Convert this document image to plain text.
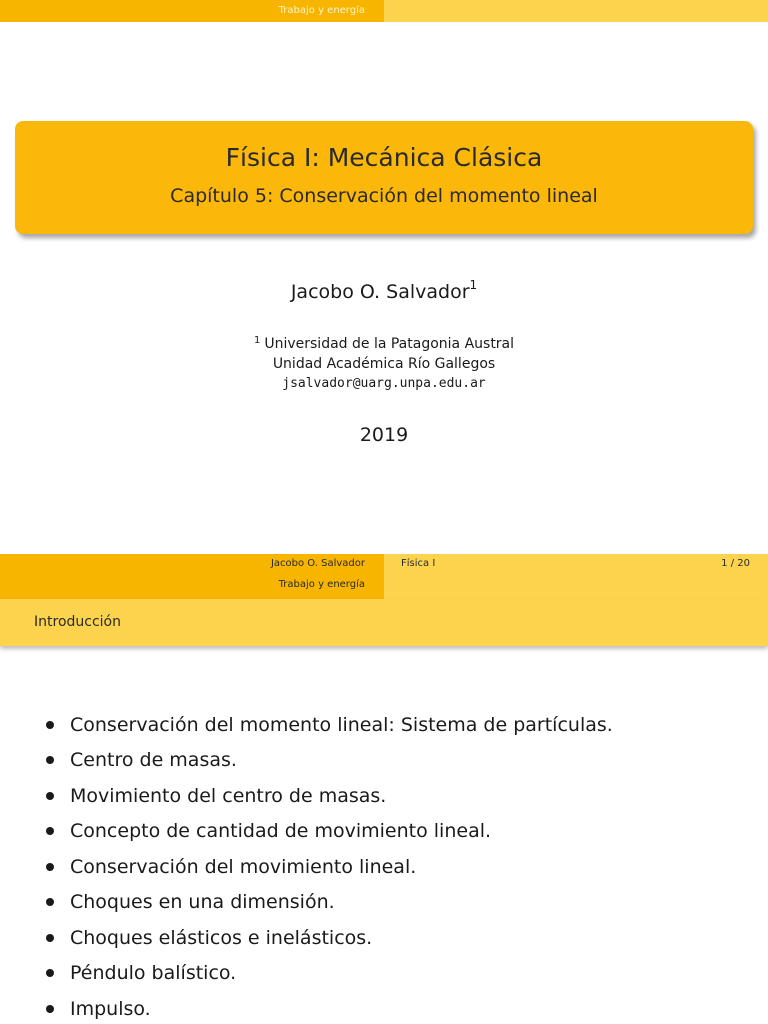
Trabajo y energía
Física I: Mecánica Clásica
Capítulo 5: Conservación del momento lineal
Jacobo O. Salvador$^1$
$^1$ Universidad de la Patagonia Austral
Unidad Académica Río Gallegos
jsalvador@uarg.unpa.edu.ar
2019
Jacobo O. Salvador	Física I	1 / 20
Trabajo y energía
Introducción
Conservación del momento lineal: Sistema de partículas.
Centro de masas.
Movimiento del centro de masas.
Concepto de cantidad de movimiento lineal.
Conservación del movimiento lineal.
Choques en una dimensión.
Choques elásticos e inelásticos.
Péndulo balístico.
Impulso.
